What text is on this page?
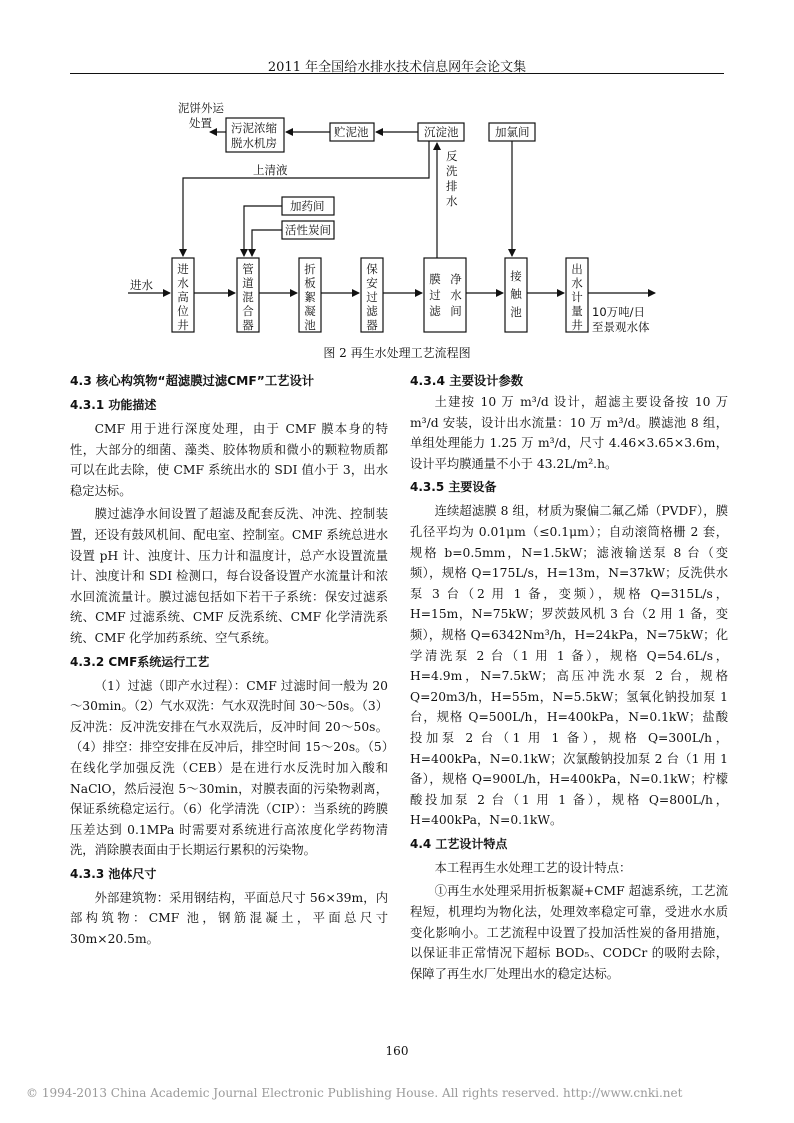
2011 年全国给水排水技术信息网年会论文集
泥饼外运
处置 污泥浓缩
脱水机房
贮泥池	沉淀池	加氯间
上清液
反
洗
排
水
加药间
活性炭间
进水
进
水
高
位
井
管
道
混
合
器
折
板
絮
凝
池
保
安
过
滤
器
膜
过
滤
净
水
间
接
触
池
出
水
计
量
井
10万吨/日
至景观水体
图 2 再生水处理工艺流程图
4.3 核心构筑物“超滤膜过滤CMF”工艺设计
4.3.1 功能描述

CMF 用于进行深度处理，由于 CMF 膜本身的特性，大部分的细菌、藻类、胶体物质和微小的颗粒物质都可以在此去除，使 CMF 系统出水的 SDI 值小于 3，出水稳定达标。

膜过滤净水间设置了超滤及配套反洗、冲洗、控制装置，还设有鼓风机间、配电室、控制室。CMF 系统总进水设置 pH 计、浊度计、压力计和温度计，总产水设置流量计、浊度计和 SDI 检测口，每台设备设置产水流量计和浓水回流流量计。膜过滤包括如下若干子系统：保安过滤系统、CMF 过滤系统、CMF 反洗系统、CMF 化学清洗系统、CMF 化学加药系统、空气系统。

4.3.2 CMF系统运行工艺

（1）过滤（即产水过程）：CMF 过滤时间一般为 20～30min。（2）气水双洗：气水双洗时间 30～50s。（3）反冲洗：反冲洗安排在气水双洗后，反冲时间 20～50s。（4）排空：排空安排在反冲后，排空时间 15～20s。（5）在线化学加强反洗（CEB）是在进行水反洗时加入酸和 NaClO，然后浸泡 5～30min，对膜表面的污染物剥离，保证系统稳定运行。（6）化学清洗（CIP）：当系统的跨膜压差达到 0.1MPa 时需要对系统进行高浓度化学药物清洗，消除膜表面由于长期运行累积的污染物。

4.3.3 池体尺寸

外部建筑物：采用钢结构，平面总尺寸 56×39m，内部构筑物：CMF 池，钢筋混凝土，平面总尺寸 30m×20.5m。

4.3.4 主要设计参数

土建按 10 万 m³/d 设计，超滤主要设备按 10 万 m³/d 安装，设计出水流量：10 万 m³/d。膜滤池 8 组，单组处理能力 1.25 万 m³/d，尺寸 4.46×3.65×3.6m，设计平均膜通量不小于 43.2L/m².h。

4.3.5 主要设备

连续超滤膜 8 组，材质为聚偏二氟乙烯（PVDF），膜孔径平均为 0.01μm（≤0.1μm）；自动滚筒格栅 2 套，规格 b=0.5mm，N=1.5kW；滤液输送泵 8 台（变频），规格 Q=175L/s，H=13m，N=37kW；反洗供水泵 3 台（2 用 1 备，变频），规格 Q=315L/s，H=15m，N=75kW；罗茨鼓风机 3 台（2 用 1 备，变频），规格 Q=6342Nm³/h，H=24kPa，N=75kW；化学清洗泵 2 台（1 用 1 备），规格 Q=54.6L/s，H=4.9m，N=7.5kW；高压冲洗水泵 2 台，规格 Q=20m3/h，H=55m，N=5.5kW；氢氧化钠投加泵 1 台，规格 Q=500L/h，H=400kPa，N=0.1kW；盐酸投加泵 2 台（1 用 1 备），规格 Q=300L/h，H=400kPa，N=0.1kW；次氯酸钠投加泵 2 台（1 用 1 备），规格 Q=900L/h，H=400kPa，N=0.1kW；柠檬酸投加泵 2 台（1 用 1 备），规格 Q=800L/h，H=400kPa，N=0.1kW。

4.4 工艺设计特点

本工程再生水处理工艺的设计特点：

①再生水处理采用折板絮凝+CMF 超滤系统，工艺流程短，机理均为物化法，处理效率稳定可靠，受进水水质变化影响小。工艺流程中设置了投加活性炭的备用措施，以保证非正常情况下超标 BOD₅、CODCr 的吸附去除，保障了再生水厂处理出水的稳定达标。

160
© 1994-2013 China Academic Journal Electronic Publishing House. All rights reserved. http://www.cnki.net
